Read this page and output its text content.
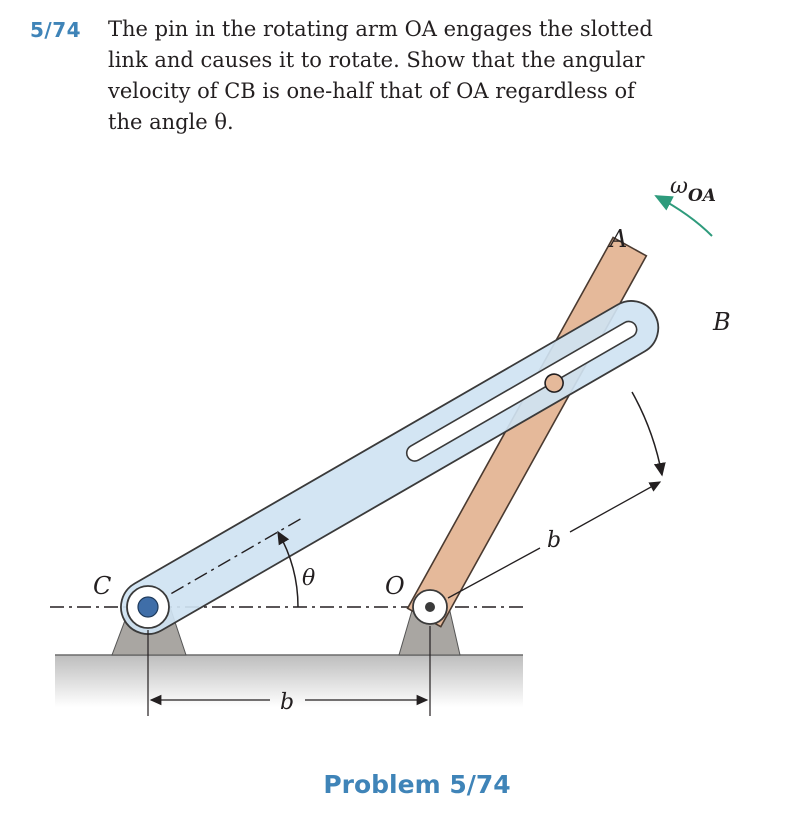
5/74 The pin in the rotating arm OA engages the slotted
link and causes it to rotate. Show that the angular
velocity of CB is one-half that of OA regardless of
the angle θ.
A
B
C	O
θ
b
b
ω OA
Problem 5/74
